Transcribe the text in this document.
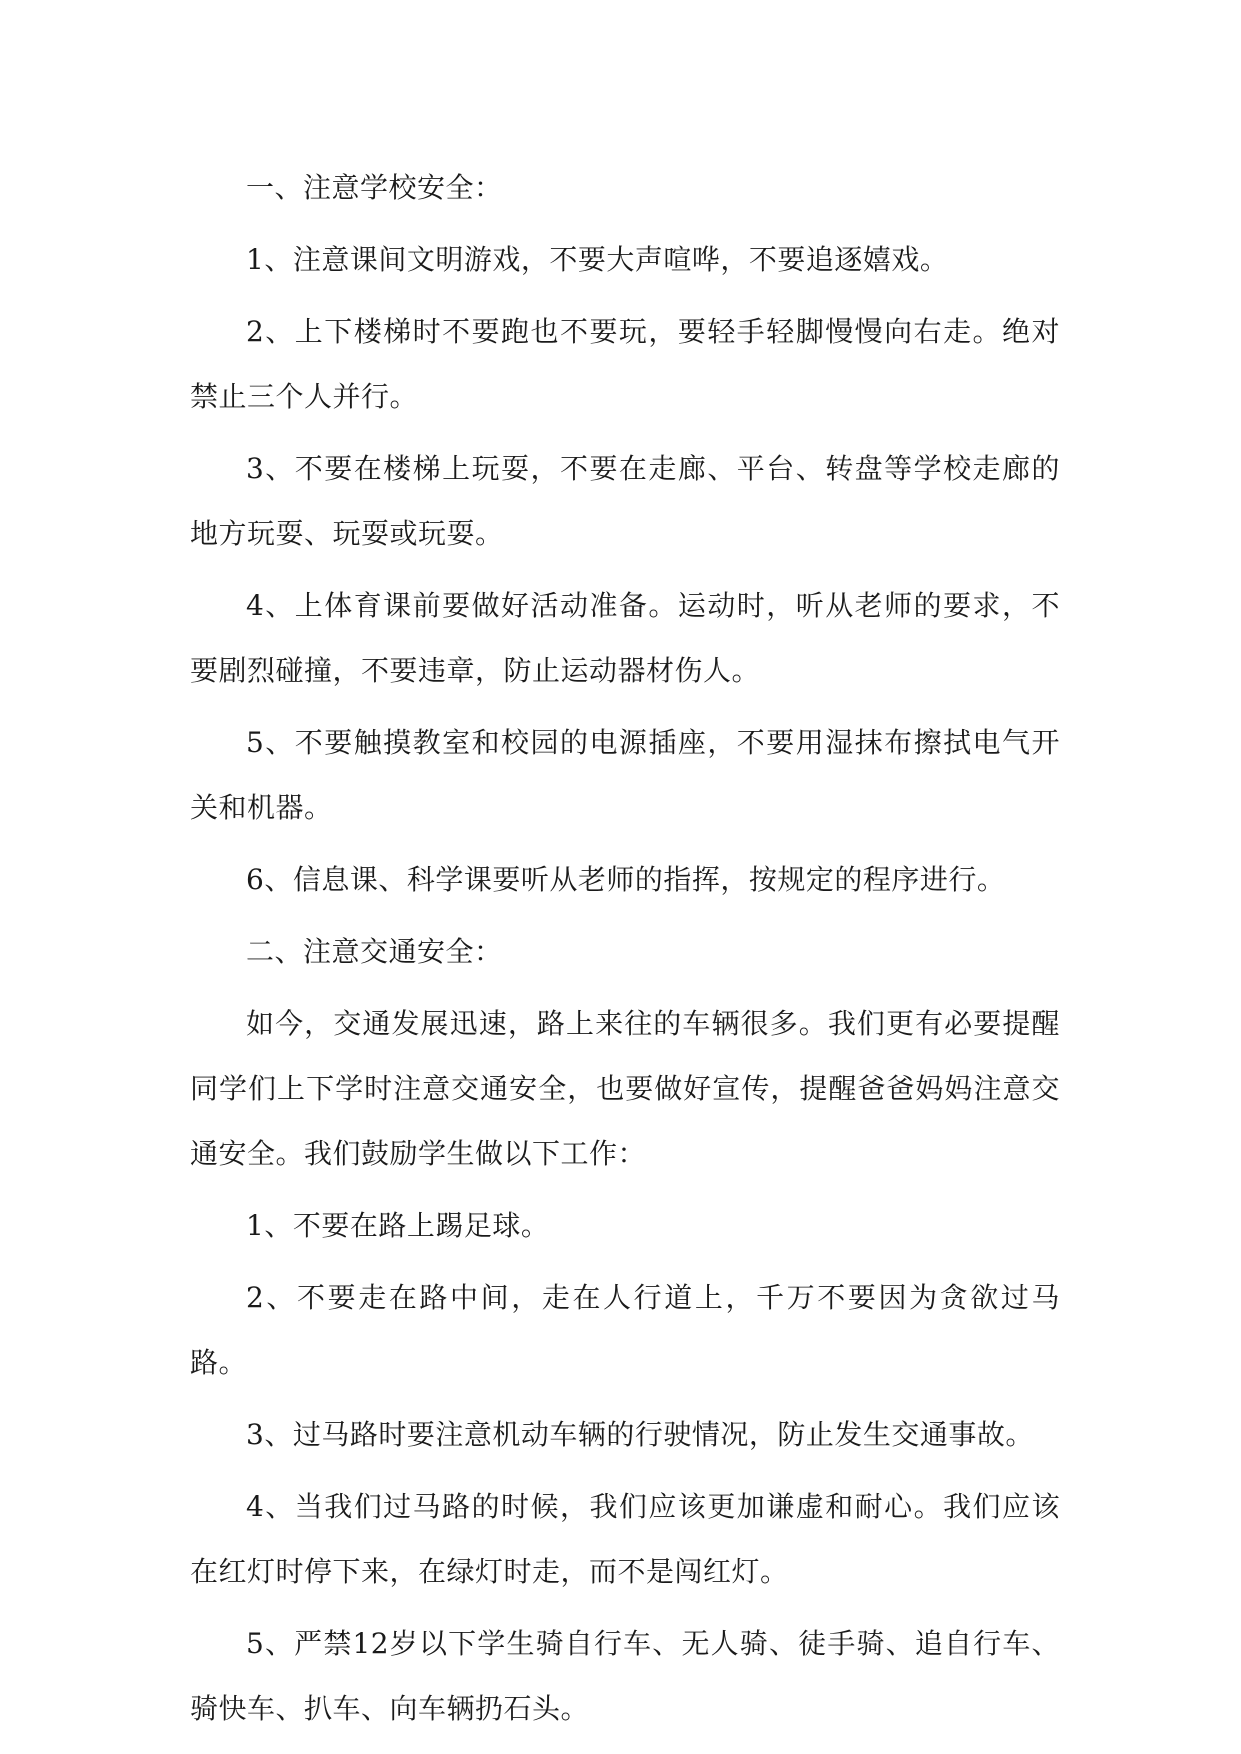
一、注意学校安全：

1、注意课间文明游戏，不要大声喧哗，不要追逐嬉戏。

2、上下楼梯时不要跑也不要玩，要轻手轻脚慢慢向右走。绝对禁止三个人并行。

3、不要在楼梯上玩耍，不要在走廊、平台、转盘等学校走廊的地方玩耍、玩耍或玩耍。

4、上体育课前要做好活动准备。运动时，听从老师的要求，不要剧烈碰撞，不要违章，防止运动器材伤人。

5、不要触摸教室和校园的电源插座，不要用湿抹布擦拭电气开关和机器。

6、信息课、科学课要听从老师的指挥，按规定的程序进行。

二、注意交通安全：

如今，交通发展迅速，路上来往的车辆很多。我们更有必要提醒同学们上下学时注意交通安全，也要做好宣传，提醒爸爸妈妈注意交通安全。我们鼓励学生做以下工作：

1、不要在路上踢足球。

2、不要走在路中间，走在人行道上，千万不要因为贪欲过马路。

3、过马路时要注意机动车辆的行驶情况，防止发生交通事故。

4、当我们过马路的时候，我们应该更加谦虚和耐心。我们应该在红灯时停下来，在绿灯时走，而不是闯红灯。

5、严禁12岁以下学生骑自行车、无人骑、徒手骑、追自行车、骑快车、扒车、向车辆扔石头。
